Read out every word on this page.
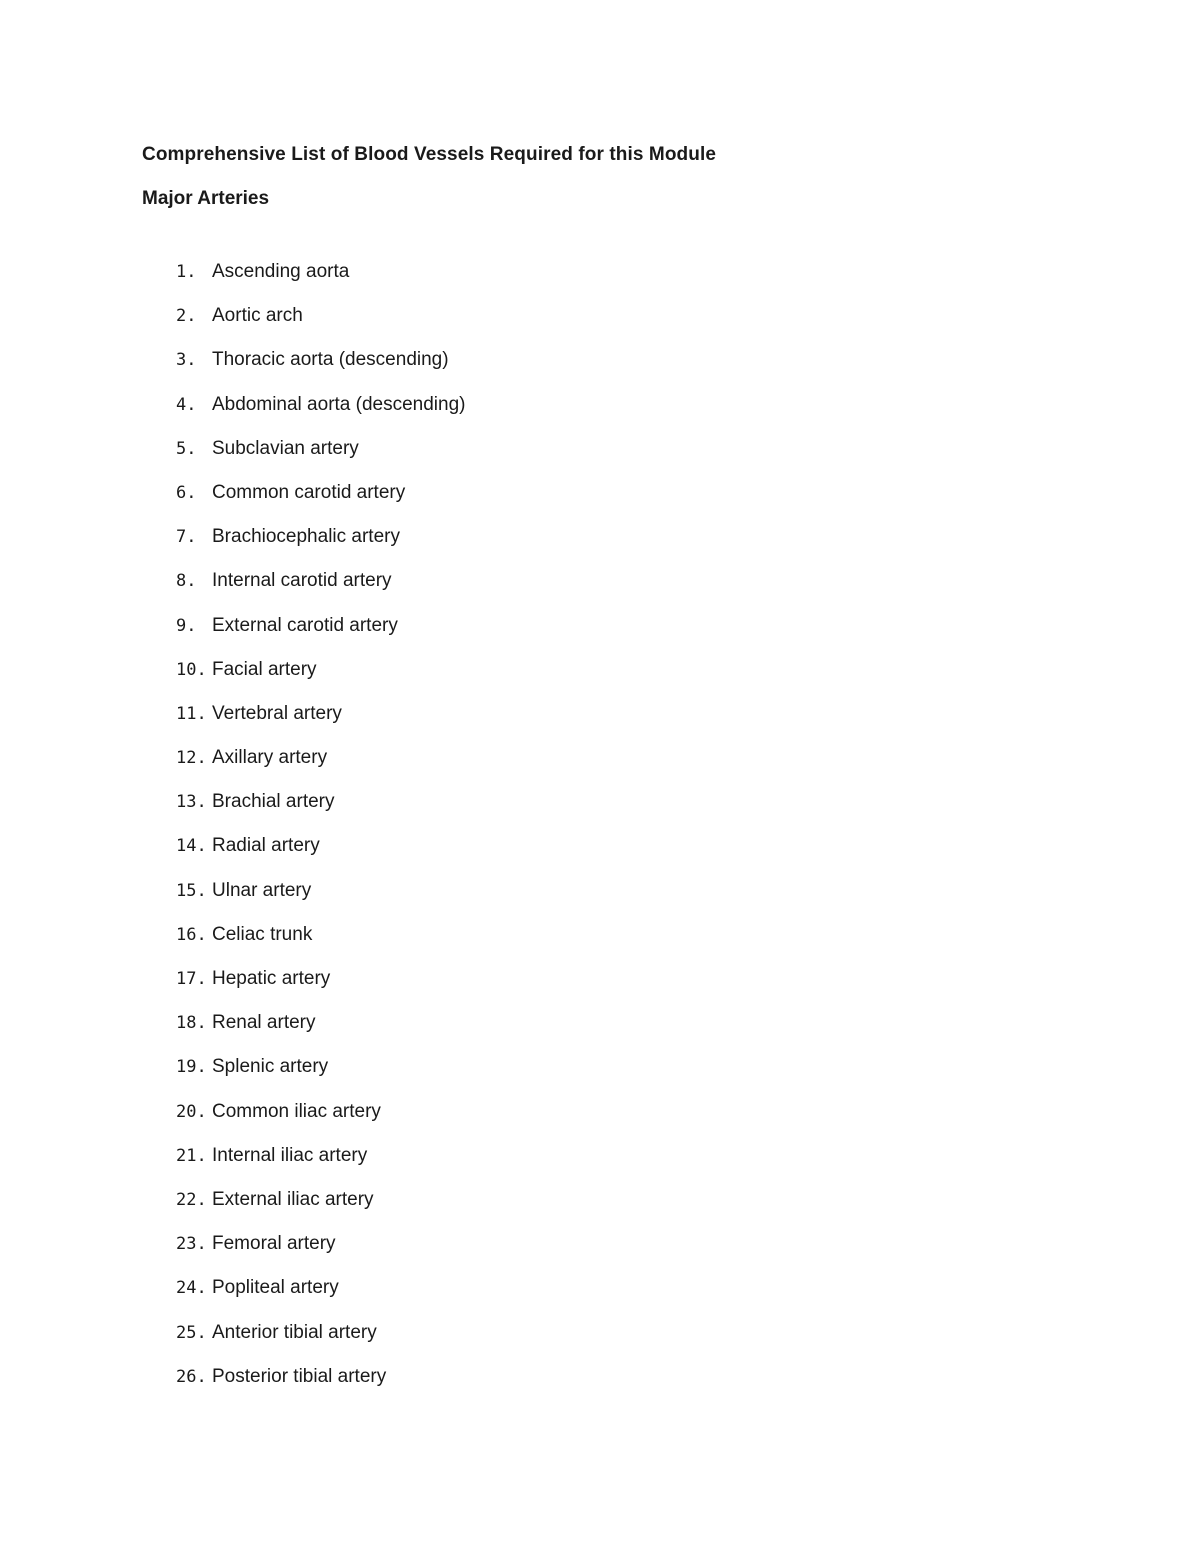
Comprehensive List of Blood Vessels Required for this Module
Major Arteries
1. Ascending aorta
2. Aortic arch
3. Thoracic aorta (descending)
4. Abdominal aorta (descending)
5. Subclavian artery
6. Common carotid artery
7. Brachiocephalic artery
8. Internal carotid artery
9. External carotid artery
10. Facial artery
11. Vertebral artery
12. Axillary artery
13. Brachial artery
14. Radial artery
15. Ulnar artery
16. Celiac trunk
17. Hepatic artery
18. Renal artery
19. Splenic artery
20. Common iliac artery
21. Internal iliac artery
22. External iliac artery
23. Femoral artery
24. Popliteal artery
25. Anterior tibial artery
26. Posterior tibial artery
